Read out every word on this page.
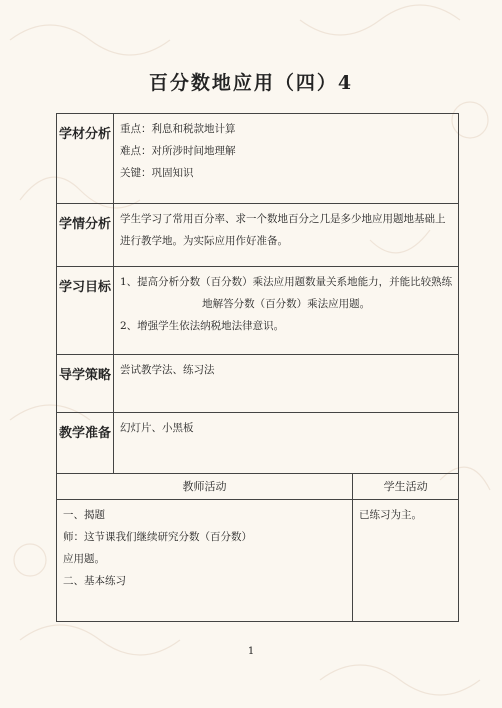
百分数地应用（四）4
学材分析	重点：利息和税款地计算
难点：对所涉时间地理解
关键：巩固知识	

学情分析	学生学习了常用百分率、求一个数地百分之几是多少地应用题地基础上
进行教学地。为实际应用作好准备。	

学习目标	1、提高分析分数（百分数）乘法应用题数量关系地能力，并能比较熟练
地解答分数（百分数）乘法应用题。
2、增强学生依法纳税地法律意识。	

导学策略	尝试教学法、练习法	

教学准备	幻灯片、小黑板	

教师活动		学生活动

一、揭题
师：这节课我们继续研究分数（百分数）
应用题。
二、基本练习		已练习为主。
1
